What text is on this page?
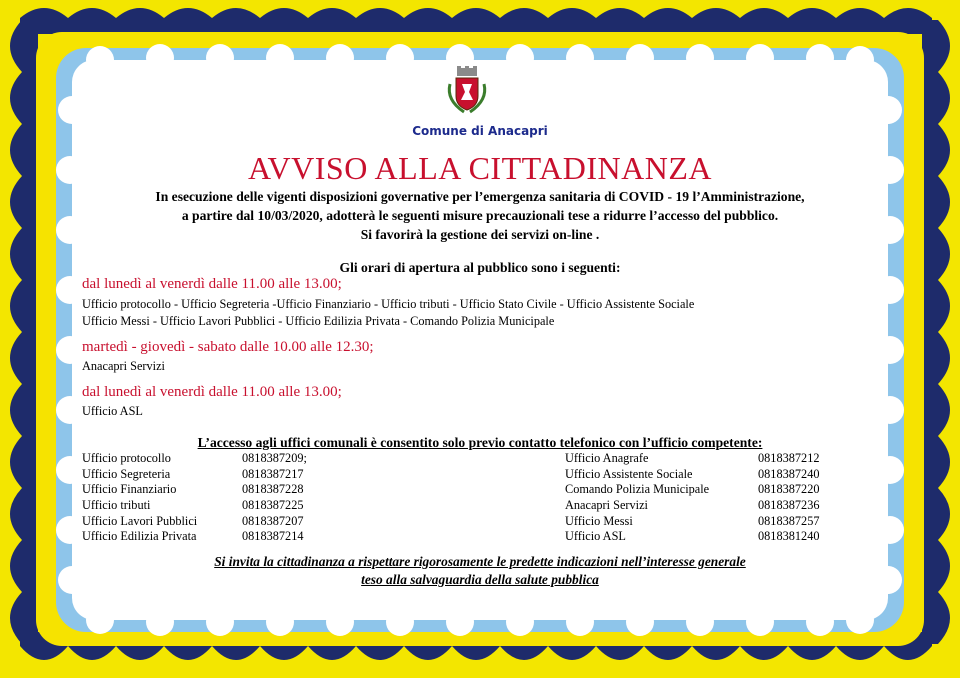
Comune di Anacapri
AVVISO ALLA CITTADINANZA
In esecuzione delle vigenti disposizioni governative per l’emergenza sanitaria di COVID - 19 l’Amministrazione,
a partire dal 10/03/2020, adotterà le seguenti misure precauzionali tese a ridurre l’accesso del pubblico.
Si favorirà la gestione dei servizi on-line .
Gli orari di apertura al pubblico sono i seguenti:
dal lunedì al venerdì dalle 11.00 alle 13.00;
Ufficio protocollo - Ufficio Segreteria -Ufficio Finanziario - Ufficio tributi - Ufficio Stato Civile - Ufficio Assistente Sociale
Ufficio Messi - Ufficio Lavori Pubblici - Ufficio Edilizia Privata - Comando Polizia Municipale
martedì - giovedì - sabato dalle 10.00 alle 12.30;
Anacapri Servizi
dal lunedì al venerdì dalle 11.00 alle 13.00;
Ufficio ASL
L’accesso agli uffici comunali è consentito solo previo contatto telefonico con l’ufficio competente:
Ufficio protocollo	0818387209;
Ufficio Segreteria	0818387217
Ufficio Finanziario	0818387228
Ufficio tributi	0818387225
Ufficio Lavori Pubblici	0818387207
Ufficio Edilizia Privata	0818387214
Ufficio Anagrafe	0818387212
Ufficio Assistente Sociale	0818387240
Comando Polizia Municipale	0818387220
Anacapri Servizi	0818387236
Ufficio Messi	0818387257
Ufficio ASL	0818381240
Si invita la cittadinanza a rispettare rigorosamente le predette indicazioni nell’interesse generale
teso alla salvaguardia della salute pubblica
